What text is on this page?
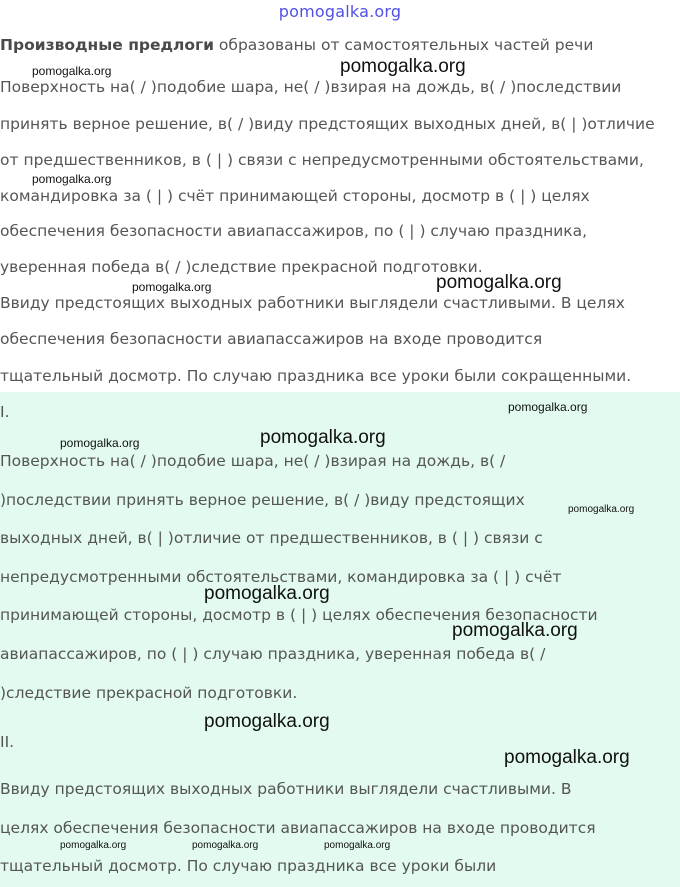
pomogalka.org
Производные предлоги образованы от самостоятельных частей речи
Поверхность на( / )подобие шара, не( / )взирая на дождь, в( / )последствии
принять верное решение, в( / )виду предстоящих выходных дней, в( | )отличие
от предшественников, в ( | ) связи с непредусмотренными обстоятельствами,
командировка за ( | ) счёт принимающей стороны, досмотр в ( | ) целях
обеспечения безопасности авиапассажиров, по ( | ) случаю праздника,
уверенная победа в( / )следствие прекрасной подготовки.
Ввиду предстоящих выходных работники выглядели счастливыми. В целях
обеспечения безопасности авиапассажиров на входе проводится
тщательный досмотр. По случаю праздника все уроки были сокращенными.
I.
Поверхность на( / )подобие шара, не( / )взирая на дождь, в( /
)последствии принять верное решение, в( / )виду предстоящих
выходных дней, в( | )отличие от предшественников, в ( | ) связи с
непредусмотренными обстоятельствами, командировка за ( | ) счёт
принимающей стороны, досмотр в ( | ) целях обеспечения безопасности
авиапассажиров, по ( | ) случаю праздника, уверенная победа в( /
)следствие прекрасной подготовки.
II.
Ввиду предстоящих выходных работники выглядели счастливыми. В
целях обеспечения безопасности авиапассажиров на входе проводится
тщательный досмотр. По случаю праздника все уроки были
pomogalka.org	pomogalka.org
pomogalka.org
pomogalka.org	pomogalka.org
pomogalka.org
pomogalka.org	pomogalka.org
pomogalka.org
pomogalka.org
pomogalka.org
pomogalka.org
pomogalka.org
pomogalka.org	pomogalka.org	pomogalka.org
